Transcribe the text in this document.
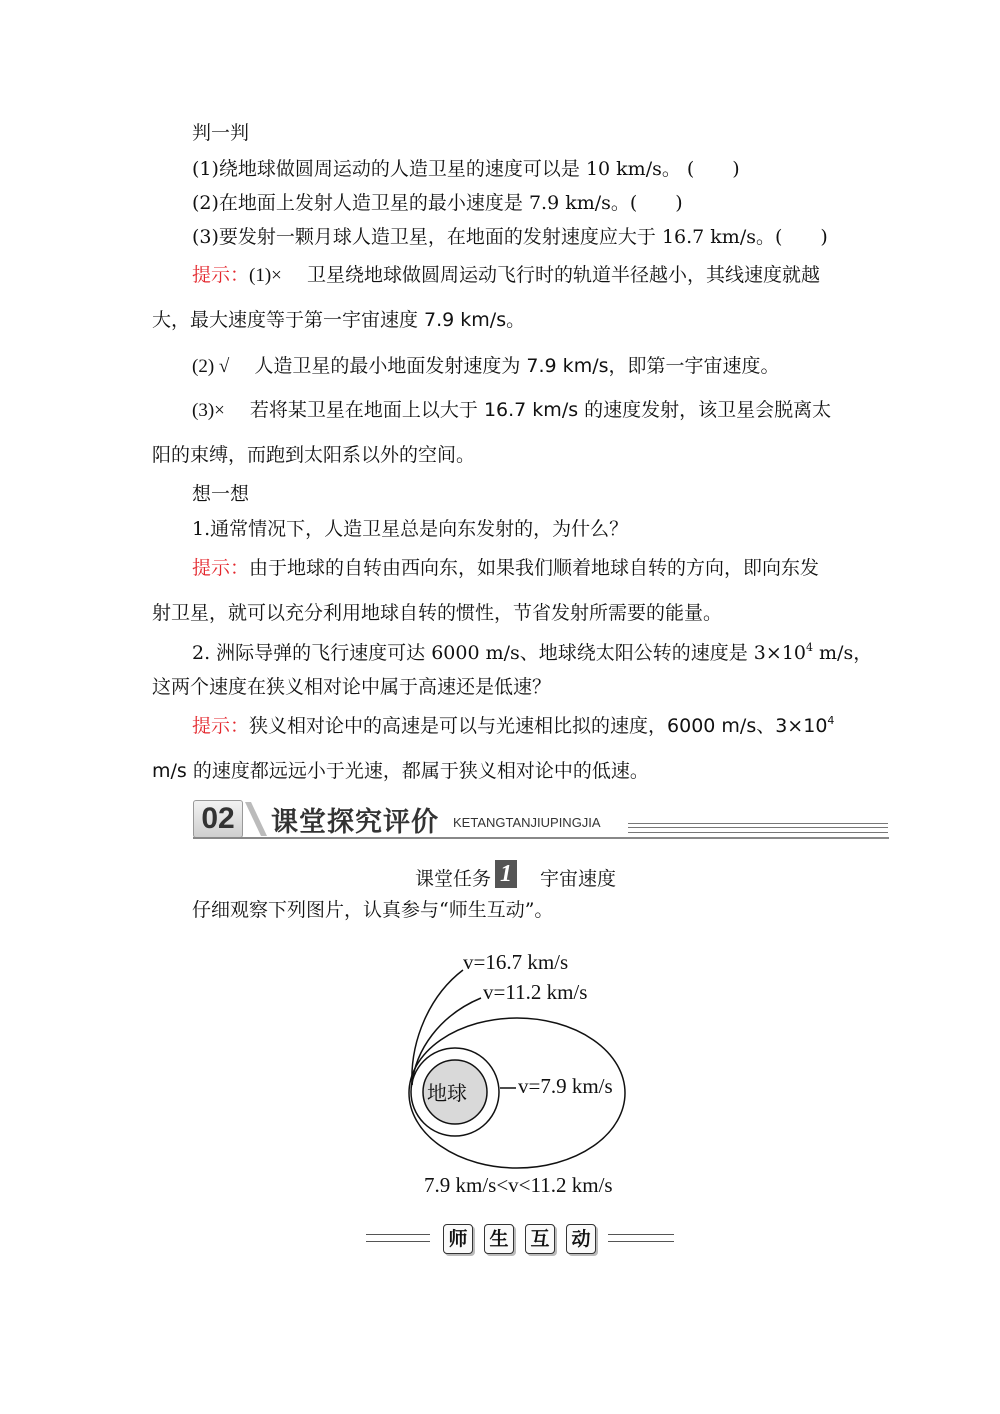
判一判
(1)绕地球做圆周运动的人造卫星的速度可以是 10 km/s。 (　　)
(2)在地面上发射人造卫星的最小速度是 7.9 km/s。(　　)
(3)要发射一颗月球人造卫星，在地面的发射速度应大于 16.7 km/s。(　　)
提示：(1)×　 卫星绕地球做圆周运动飞行时的轨道半径越小，其线速度就越
大，最大速度等于第一宇宙速度 7.9 km/s。
(2) √　 人造卫星的最小地面发射速度为 7.9 km/s，即第一宇宙速度。
(3)×　 若将某卫星在地面上以大于 16.7 km/s 的速度发射，该卫星会脱离太
阳的束缚，而跑到太阳系以外的空间。
想一想
1.通常情况下，人造卫星总是向东发射的，为什么？
提示：由于地球的自转由西向东，如果我们顺着地球自转的方向，即向东发
射卫星，就可以充分利用地球自转的惯性，节省发射所需要的能量。
2. 洲际导弹的飞行速度可达 6000 m/s、地球绕太阳公转的速度是 $3\times 10^4$ m/s，
这两个速度在狭义相对论中属于高速还是低速？
提示：狭义相对论中的高速是可以与光速相比拟的速度，6000 m/s、$3\times 10^4$
m/s 的速度都远远小于光速，都属于狭义相对论中的低速。
02	课堂探究评价 KETANGTANJIUPINGJIA
课堂任务 1　 宇宙速度
仔细观察下列图片，认真参与“师生互动”。
地球
v=16.7 km/s
v=11.2 km/s
v=7.9 km/s
7.9 km/s<v<11.2 km/s
师 生 互 动
